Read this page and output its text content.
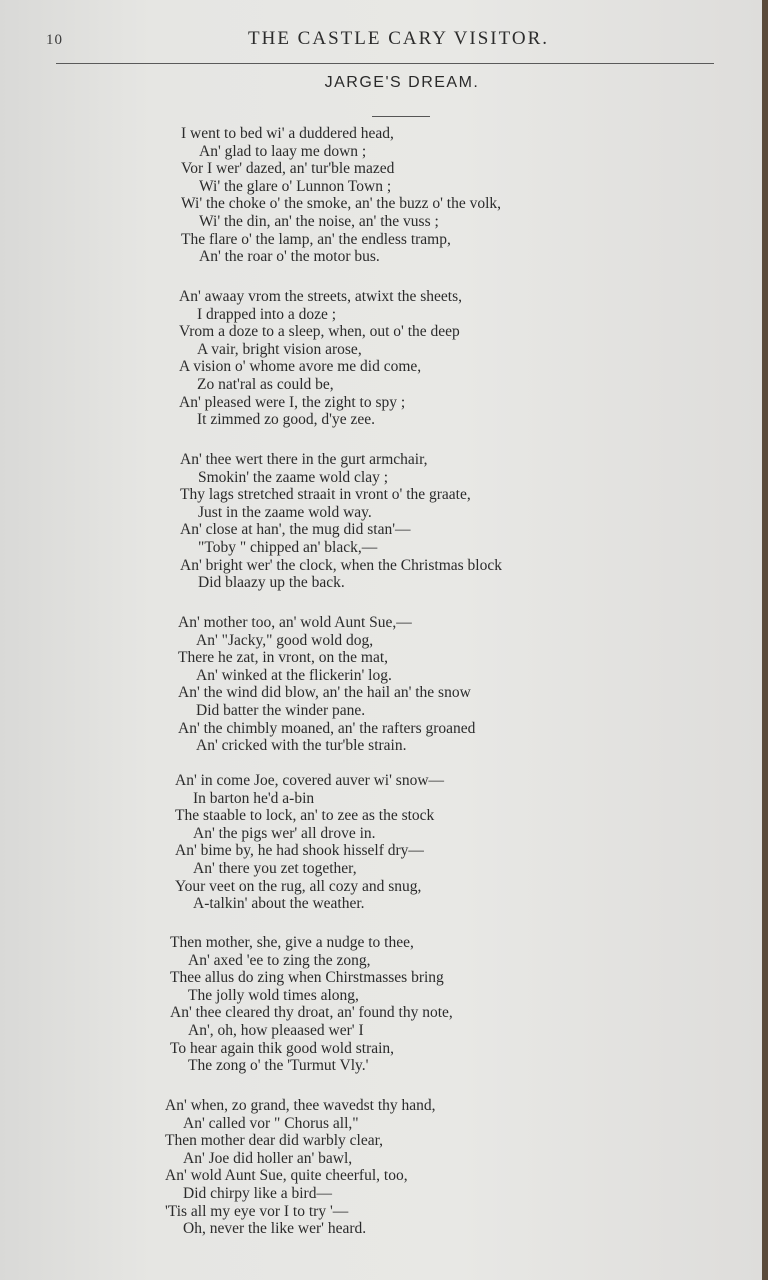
10	THE CASTLE CARY VISITOR.
JARGE'S DREAM.
I went to bed wi' a duddered head,
An' glad to laay me down ;
Vor I wer' dazed, an' tur'ble mazed
Wi' the glare o' Lunnon Town ;
Wi' the choke o' the smoke, an' the buzz o' the volk,
Wi' the din, an' the noise, an' the vuss ;
The flare o' the lamp, an' the endless tramp,
An' the roar o' the motor bus.
An' awaay vrom the streets, atwixt the sheets,
I drapped into a doze ;
Vrom a doze to a sleep, when, out o' the deep
A vair, bright vision arose,
A vision o' whome avore me did come,
Zo nat'ral as could be,
An' pleased were I, the zight to spy ;
It zimmed zo good, d'ye zee.
An' thee wert there in the gurt armchair,
Smokin' the zaame wold clay ;
Thy lags stretched straait in vront o' the graate,
Just in the zaame wold way.
An' close at han', the mug did stan'—
"Toby " chipped an' black,—
An' bright wer' the clock, when the Christmas block
Did blaazy up the back.
An' mother too, an' wold Aunt Sue,—
An' "Jacky," good wold dog,
There he zat, in vront, on the mat,
An' winked at the flickerin' log.
An' the wind did blow, an' the hail an' the snow
Did batter the winder pane.
An' the chimbly moaned, an' the rafters groaned
An' cricked with the tur'ble strain.
An' in come Joe, covered auver wi' snow—
In barton he'd a-bin
The staable to lock, an' to zee as the stock
An' the pigs wer' all drove in.
An' bime by, he had shook hisself dry—
An' there you zet together,
Your veet on the rug, all cozy and snug,
A-talkin' about the weather.
Then mother, she, give a nudge to thee,
An' axed 'ee to zing the zong,
Thee allus do zing when Chirstmasses bring
The jolly wold times along,
An' thee cleared thy droat, an' found thy note,
An', oh, how pleaased wer' I
To hear again thik good wold strain,
The zong o' the 'Turmut Vly.'
An' when, zo grand, thee wavedst thy hand,
An' called vor " Chorus all,"
Then mother dear did warbly clear,
An' Joe did holler an' bawl,
An' wold Aunt Sue, quite cheerful, too,
Did chirpy like a bird—
'Tis all my eye vor I to try '—
Oh, never the like wer' heard.
